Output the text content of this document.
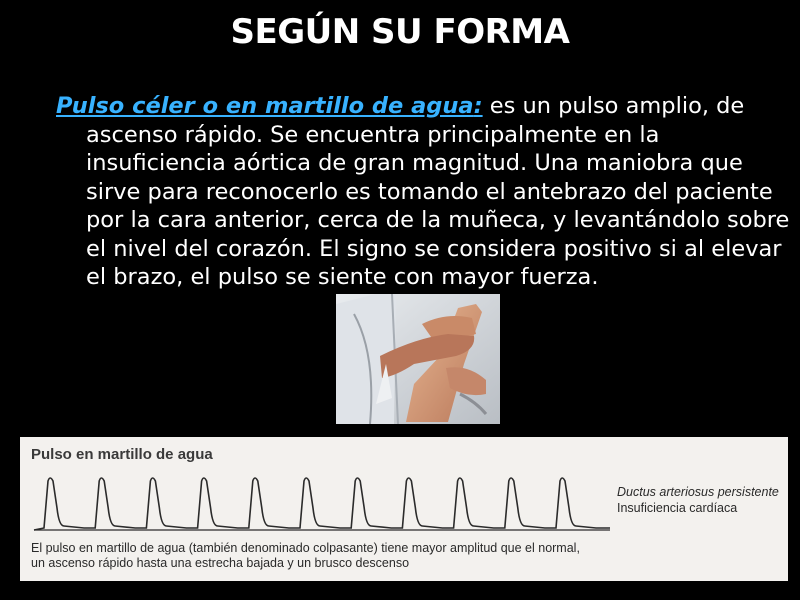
SEGÚN SU FORMA
Pulso céler o en martillo de agua: es un pulso amplio, de ascenso rápido. Se encuentra principalmente en la insuficiencia aórtica de gran magnitud. Una maniobra que sirve para reconocerlo es tomando el antebrazo del paciente por la cara anterior, cerca de la muñeca, y levantándolo sobre el nivel del corazón. El signo se considera positivo si al elevar el brazo, el pulso se siente con mayor fuerza.
Pulso en martillo de agua
Ductus arteriosus persistente
Insuficiencia cardíaca
El pulso en martillo de agua (también denominado colpasante) tiene mayor amplitud que el normal,
un ascenso rápido hasta una estrecha bajada y un brusco descenso
